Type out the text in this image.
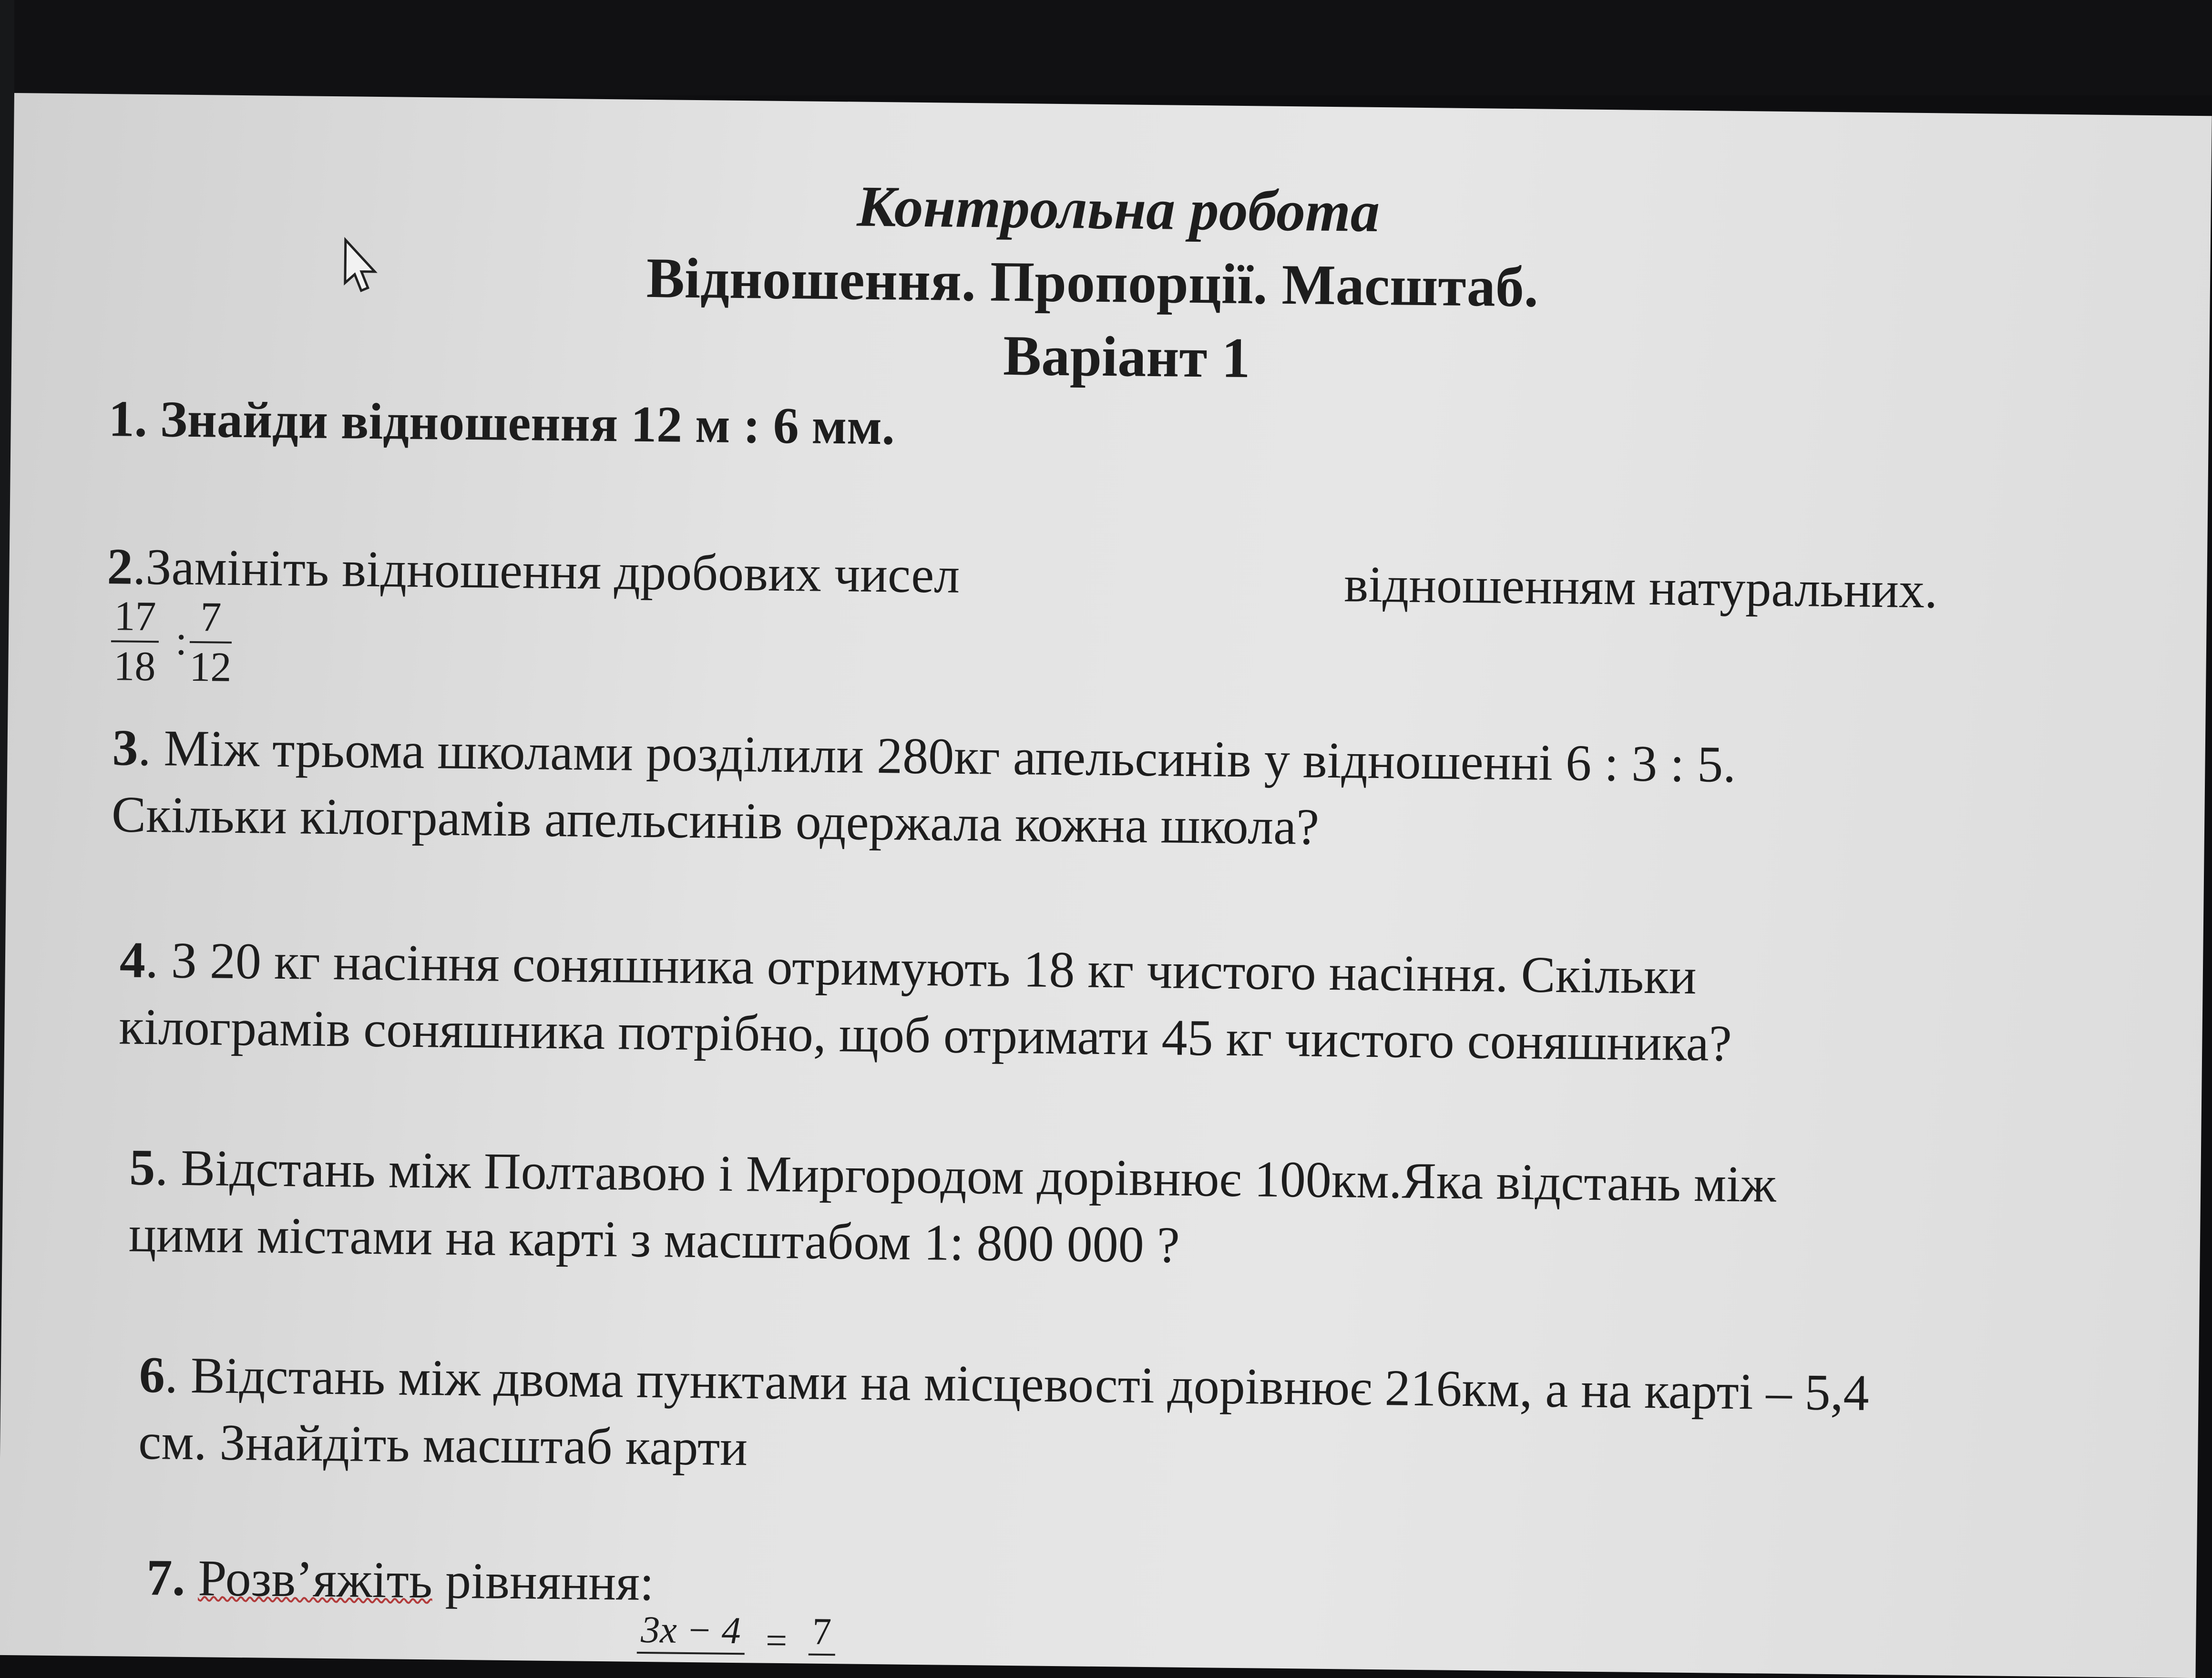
Контрольна робота
Відношення. Пропорції. Масштаб.
Варіант 1
1. Знайди відношення 12 м : 6 мм.
2.Замініть відношення дробових чисел	відношенням натуральних.
$\frac{17}{18}$ : $\frac{7}{12}$
3. Між трьома школами розділили 280кг апельсинів у відношенні 6 : 3 : 5.
Скільки кілограмів апельсинів одержала кожна школа?
4. З 20 кг насіння соняшника отримують 18 кг чистого насіння. Скільки
кілограмів соняшника потрібно, щоб отримати 45 кг чистого соняшника?
5. Відстань між Полтавою і Миргородом дорівнює 100км.Яка відстань між
цими містами на карті з масштабом 1: 800 000 ?
6. Відстань між двома пунктами на місцевості дорівнює 216км, а на карті – 5,4
см. Знайдіть масштаб карти
7. Розв’яжіть рівняння:
3x − 4 = 7
